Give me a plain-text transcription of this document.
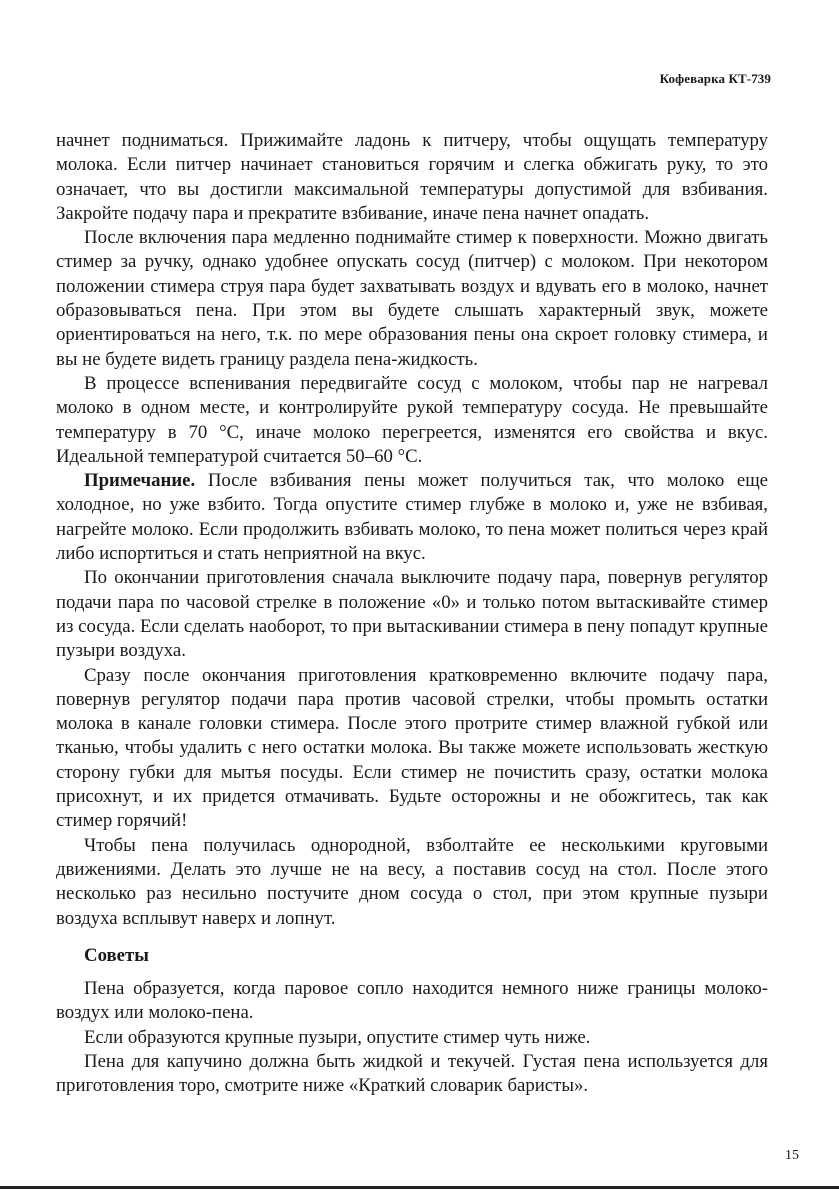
Кофеварка КТ-739

начнет подниматься. Прижимайте ладонь к питчеру, чтобы ощущать температуру молока. Если питчер начинает становиться горячим и слегка обжигать руку, то это означает, что вы достигли максимальной температуры допустимой для взбивания. Закройте подачу пара и прекратите взбивание, иначе пена начнет опадать.

После включения пара медленно поднимайте стимер к поверхности. Можно двигать стимер за ручку, однако удобнее опускать сосуд (питчер) с молоком. При некотором положении стимера струя пара будет захватывать воздух и вдувать его в молоко, начнет образовываться пена. При этом вы будете слышать характерный звук, можете ориентироваться на него, т.к. по мере образования пены она скроет головку стимера, и вы не будете видеть границу раздела пена-жидкость.

В процессе вспенивания передвигайте сосуд с молоком, чтобы пар не нагревал молоко в одном месте, и контролируйте рукой температуру сосуда. Не превышайте температуру в 70 °С, иначе молоко перегреется, изменятся его свойства и вкус. Идеальной температурой считается 50–60 °С.

Примечание. После взбивания пены может получиться так, что молоко еще холодное, но уже взбито. Тогда опустите стимер глубже в молоко и, уже не взбивая, нагрейте молоко. Если продолжить взбивать молоко, то пена может политься через край либо испортиться и стать неприятной на вкус.

По окончании приготовления сначала выключите подачу пара, повернув регулятор подачи пара по часовой стрелке в положение «0» и только потом вытаскивайте стимер из сосуда. Если сделать наоборот, то при вытаскивании стимера в пену попадут крупные пузыри воздуха.

Сразу после окончания приготовления кратковременно включите подачу пара, повернув регулятор подачи пара против часовой стрелки, чтобы промыть остатки молока в канале головки стимера. После этого протрите стимер влажной губкой или тканью, чтобы удалить с него остатки молока. Вы также можете использовать жесткую сторону губки для мытья посуды. Если стимер не почистить сразу, остатки молока присохнут, и их придется отмачивать. Будьте осторожны и не обожгитесь, так как стимер горячий!

Чтобы пена получилась однородной, взболтайте ее несколькими круговыми движениями. Делать это лучше не на весу, а поставив сосуд на стол. После этого несколько раз несильно постучите дном сосуда о стол, при этом крупные пузыри воздуха всплывут наверх и лопнут.

Советы

Пена образуется, когда паровое сопло находится немного ниже границы молоко-воздух или молоко-пена.

Если образуются крупные пузыри, опустите стимер чуть ниже.

Пена для капучино должна быть жидкой и текучей. Густая пена используется для приготовления торо, смотрите ниже «Краткий словарик баристы».

15
